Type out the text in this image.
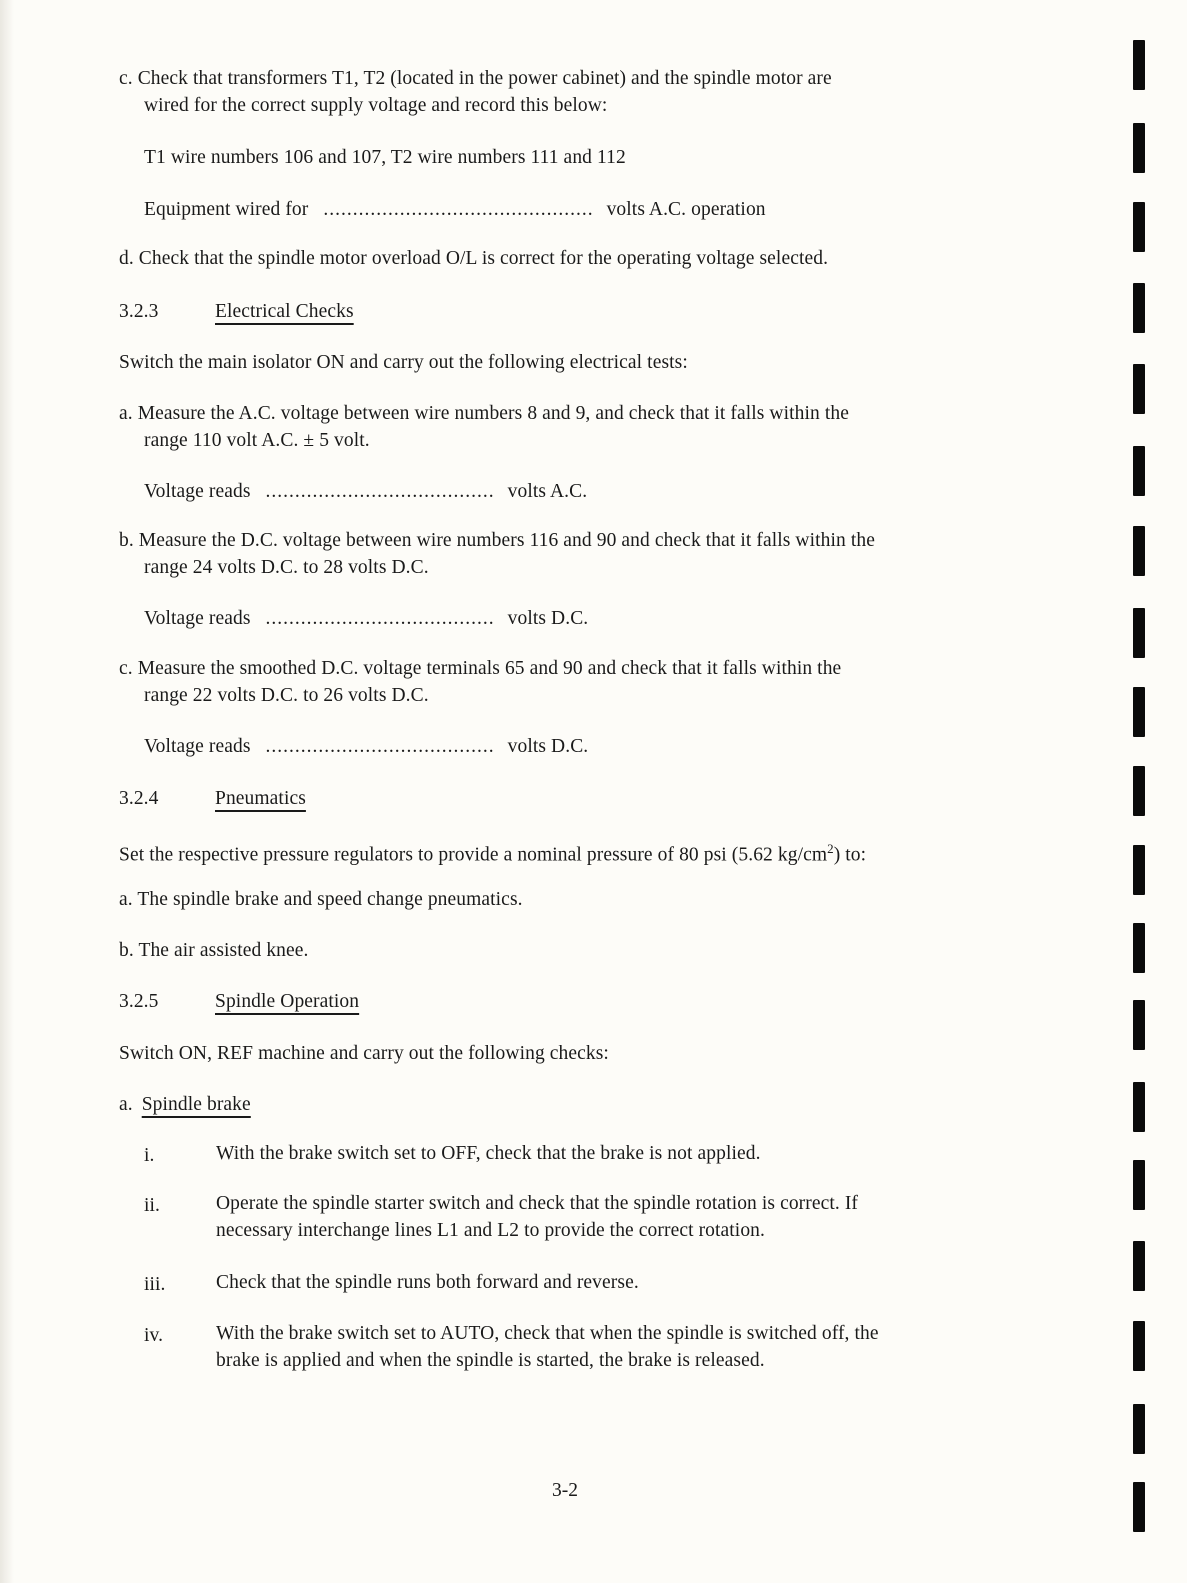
c. Check that transformers T1, T2 (located in the power cabinet) and the spindle motor are
wired for the correct supply voltage and record this below:
T1 wire numbers 106 and 107, T2 wire numbers 111 and 112
Equipment wired for .............................................. volts A.C. operation
d. Check that the spindle motor overload O/L is correct for the operating voltage selected.
3.2.3	Electrical Checks
Switch the main isolator ON and carry out the following electrical tests:
a. Measure the A.C. voltage between wire numbers 8 and 9, and check that it falls within the
range 110 volt A.C. ± 5 volt.
Voltage reads ....................................... volts A.C.
b. Measure the D.C. voltage between wire numbers 116 and 90 and check that it falls within the
range 24 volts D.C. to 28 volts D.C.
Voltage reads ....................................... volts D.C.
c. Measure the smoothed D.C. voltage terminals 65 and 90 and check that it falls within the
range 22 volts D.C. to 26 volts D.C.
Voltage reads ....................................... volts D.C.
3.2.4	Pneumatics
Set the respective pressure regulators to provide a nominal pressure of 80 psi (5.62 $kg/cm^2$) to:
a. The spindle brake and speed change pneumatics.
b. The air assisted knee.
3.2.5	Spindle Operation
Switch ON, REF machine and carry out the following checks:
a. Spindle brake
i.	With the brake switch set to OFF, check that the brake is not applied.
ii.	Operate the spindle starter switch and check that the spindle rotation is correct. If
necessary interchange lines L1 and L2 to provide the correct rotation.
iii.	Check that the spindle runs both forward and reverse.
iv.	With the brake switch set to AUTO, check that when the spindle is switched off, the
brake is applied and when the spindle is started, the brake is released.
3-2
